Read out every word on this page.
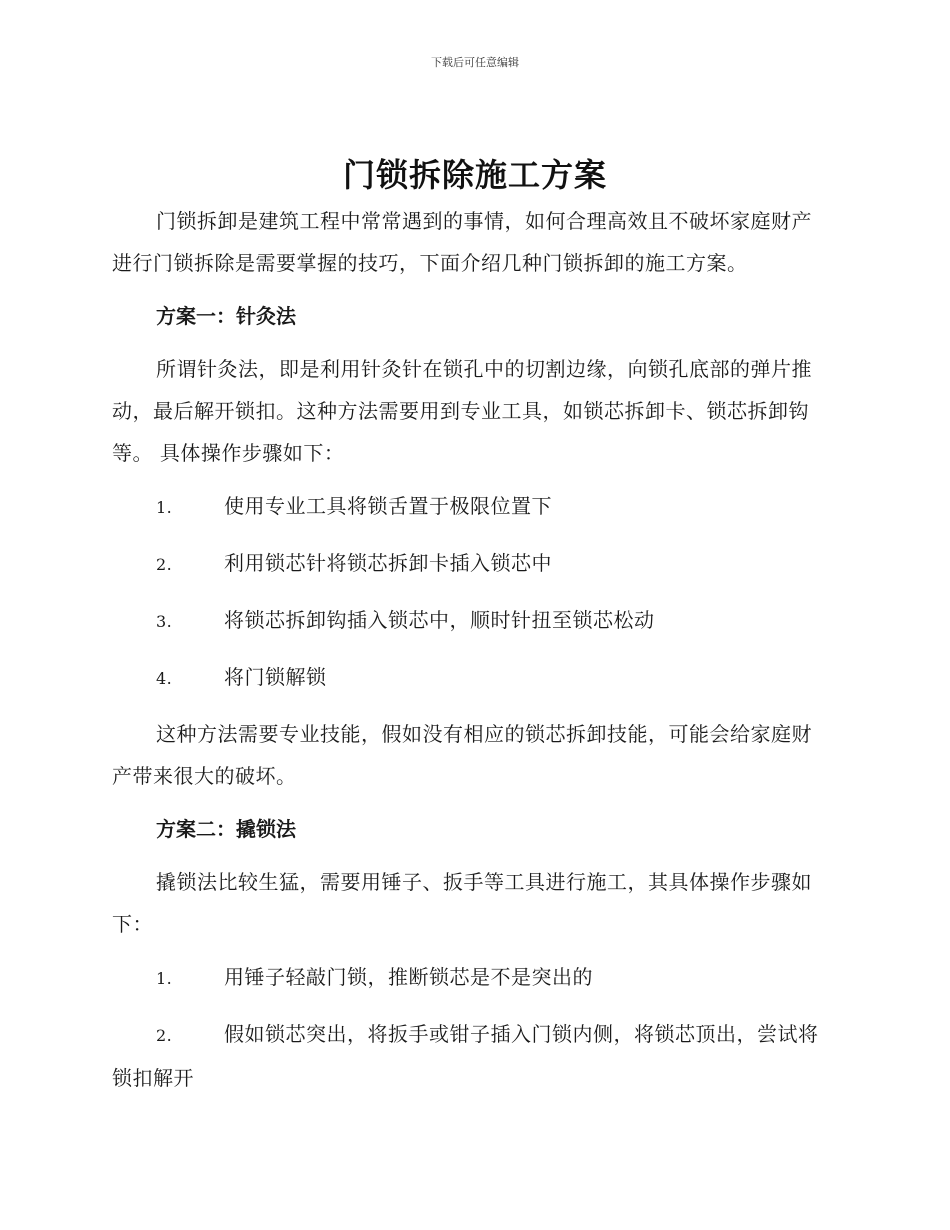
下载后可任意编辑
门锁拆除施工方案

门锁拆卸是建筑工程中常常遇到的事情，如何合理高效且不破坏家庭财产进行门锁拆除是需要掌握的技巧，下面介绍几种门锁拆卸的施工方案。

方案一：针灸法

所谓针灸法，即是利用针灸针在锁孔中的切割边缘，向锁孔底部的弹片推动，最后解开锁扣。这种方法需要用到专业工具，如锁芯拆卸卡、锁芯拆卸钩等。 具体操作步骤如下：

1.	使用专业工具将锁舌置于极限位置下
2.	利用锁芯针将锁芯拆卸卡插入锁芯中
3.	将锁芯拆卸钩插入锁芯中，顺时针扭至锁芯松动
4.	将门锁解锁

这种方法需要专业技能，假如没有相应的锁芯拆卸技能，可能会给家庭财产带来很大的破坏。

方案二：撬锁法

撬锁法比较生猛，需要用锤子、扳手等工具进行施工，其具体操作步骤如下：

1.	用锤子轻敲门锁，推断锁芯是不是突出的
2.	假如锁芯突出，将扳手或钳子插入门锁内侧，将锁芯顶出，尝试将锁扣解开
